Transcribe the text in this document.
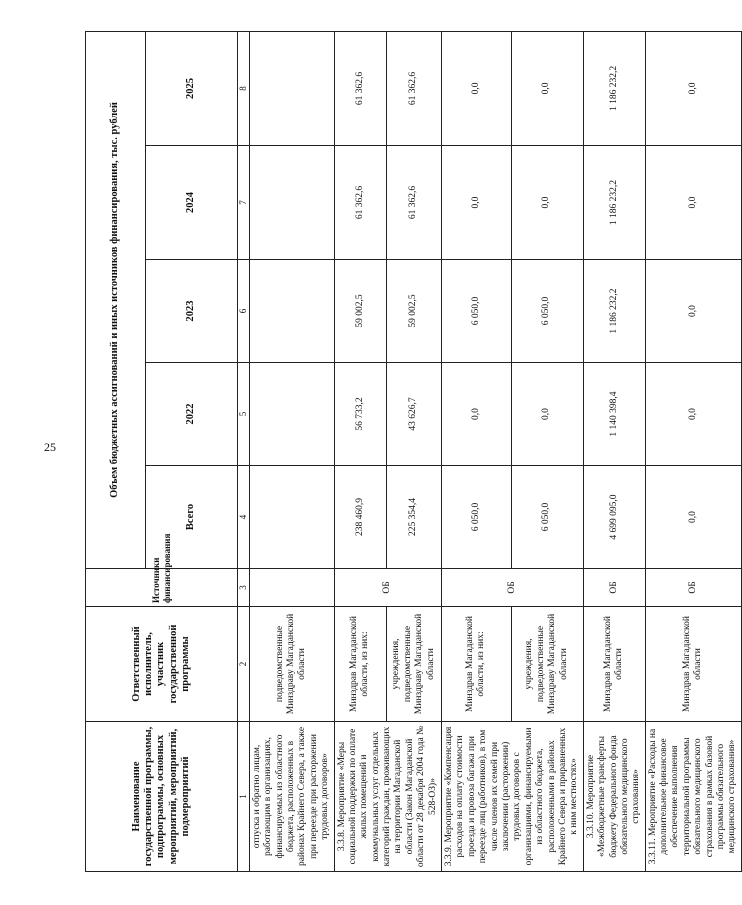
25
Наименование государственной программы, подпрограммы, основных мероприятий, мероприятий, подмероприятий	Ответственный исполнитель, участник государственной программы	Источники финансирования	Объем бюджетных ассигнований и иных источников финансирования, тыс. рублей				
			Всего	2022	2023	2024	2025
1	2	3	4	5	6	7	8
отпуска и обратно лицам, работающим в организациях, финансируемых из областного бюджета, расположенных в районах Крайнего Севера, а также при переезде при расторжении трудовых договоров»	подведомственные Минздраву Магаданской области						
3.3.8. Мероприятие «Меры социальной поддержки по оплате жилых помещений и коммунальных услуг отдельных категорий граждан, проживающих на территории Магаданской области (Закон Магаданской области от 28 декабря 2004 года № 528-ОЗ)»	Минздрав Магаданской области, из них:	ОБ	238 460,9	56 733,2	59 002,5	61 362,6	61 362,6
	учреждения, подведомственные Минздраву Магаданской области		225 354,4	43 626,7	59 002,5	61 362,6	61 362,6
3.3.9. Мероприятие «Компенсация расходов на оплату стоимости проезда и провоза багажа при переезде лиц (работников), в том числе членов их семей при заключении (расторжении) трудовых договоров с организациями, финансируемыми из областного бюджета, расположенными в районах Крайнего Севера и приравненных к ним местностях»	Минздрав Магаданской области, из них:	ОБ	6 050,0	0,0	6 050,0	0,0	0,0
	учреждения, подведомственные Минздраву Магаданской области		6 050,0	0,0	6 050,0	0,0	0,0
3.3.10. Мероприятие «Межбюджетные трансферты бюджету Федерального фонда обязательного медицинского страхования»	Минздрав Магаданской области	ОБ	4 699 095,0	1 140 398,4	1 186 232,2	1 186 232,2	1 186 232,2
3.3.11. Мероприятие «Расходы на дополнительное финансовое обеспечение выполнения территориальной программы обязательного медицинского страхования в рамках базовой программы обязательного медицинского страхования»	Минздрав Магаданской области	ОБ	0,0	0,0	0,0	0,0	0,0
